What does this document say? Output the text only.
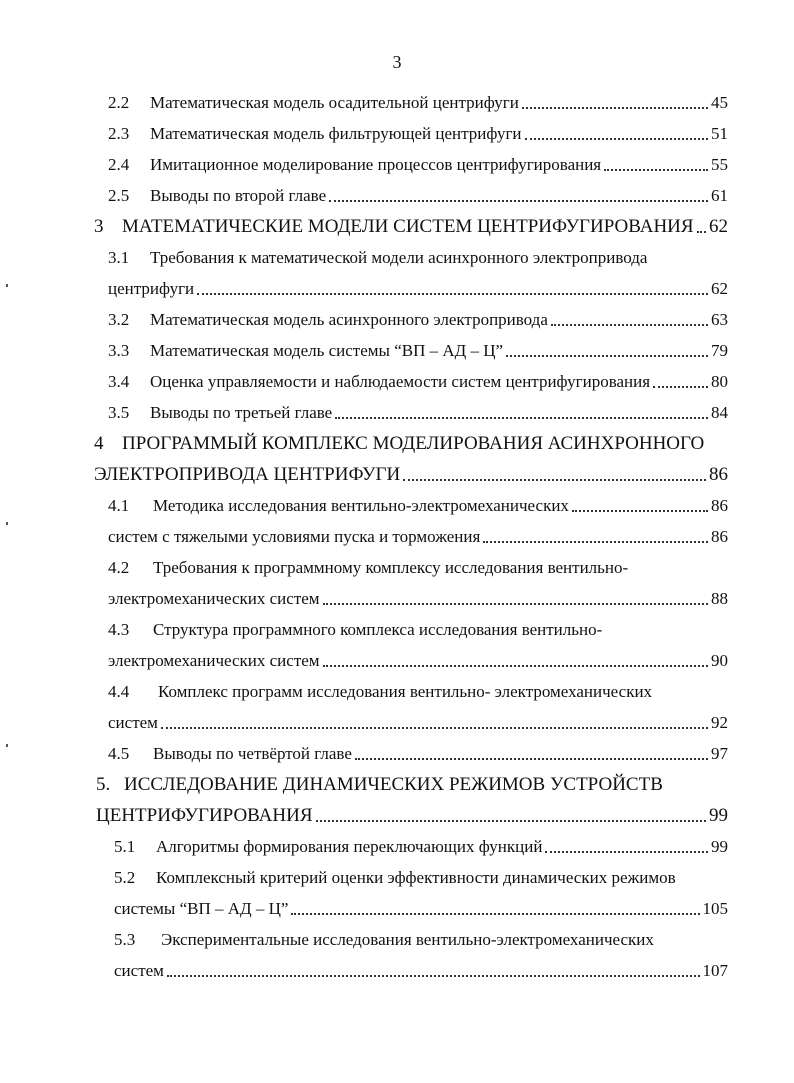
3
2.2	Математическая модель осадительной центрифуги	45
2.3	Математическая модель фильтрующей центрифуги	51
2.4	Имитационное моделирование процессов центрифугирования	55
2.5	Выводы по второй главе	61
3 МАТЕМАТИЧЕСКИЕ МОДЕЛИ СИСТЕМ ЦЕНТРИФУГИРОВАНИЯ 62
3.1	Требования к математической модели асинхронного электропривода
центрифуги	62
3.2	Математическая модель асинхронного электропривода	63
3.3	Математическая модель системы “ВП – АД – Ц”	79
3.4	Оценка управляемости и наблюдаемости систем центрифугирования	80
3.5	Выводы по третьей главе	84
4 ПРОГРАММЫЙ КОМПЛЕКС МОДЕЛИРОВАНИЯ АСИНХРОННОГО
ЭЛЕКТРОПРИВОДА ЦЕНТРИФУГИ	86
4.1	Методика исследования вентильно-электромеханических	86
систем с тяжелыми условиями пуска и торможения	86
4.2	Требования к программному комплексу исследования вентильно-
электромеханических систем	88
4.3	Структура программного комплекса исследования вентильно-
электромеханических систем	90
4.4	Комплекс программ исследования вентильно- электромеханических
систем	92
4.5	Выводы по четвёртой главе	97
5. ИССЛЕДОВАНИЕ ДИНАМИЧЕСКИХ РЕЖИМОВ УСТРОЙСТВ
ЦЕНТРИФУГИРОВАНИЯ	99
5.1	Алгоритмы формирования переключающих функций	99
5.2	Комплексный критерий оценки эффективности динамических режимов
системы “ВП – АД – Ц”	105
5.3	Экспериментальные исследования вентильно-электромеханических
систем	107
